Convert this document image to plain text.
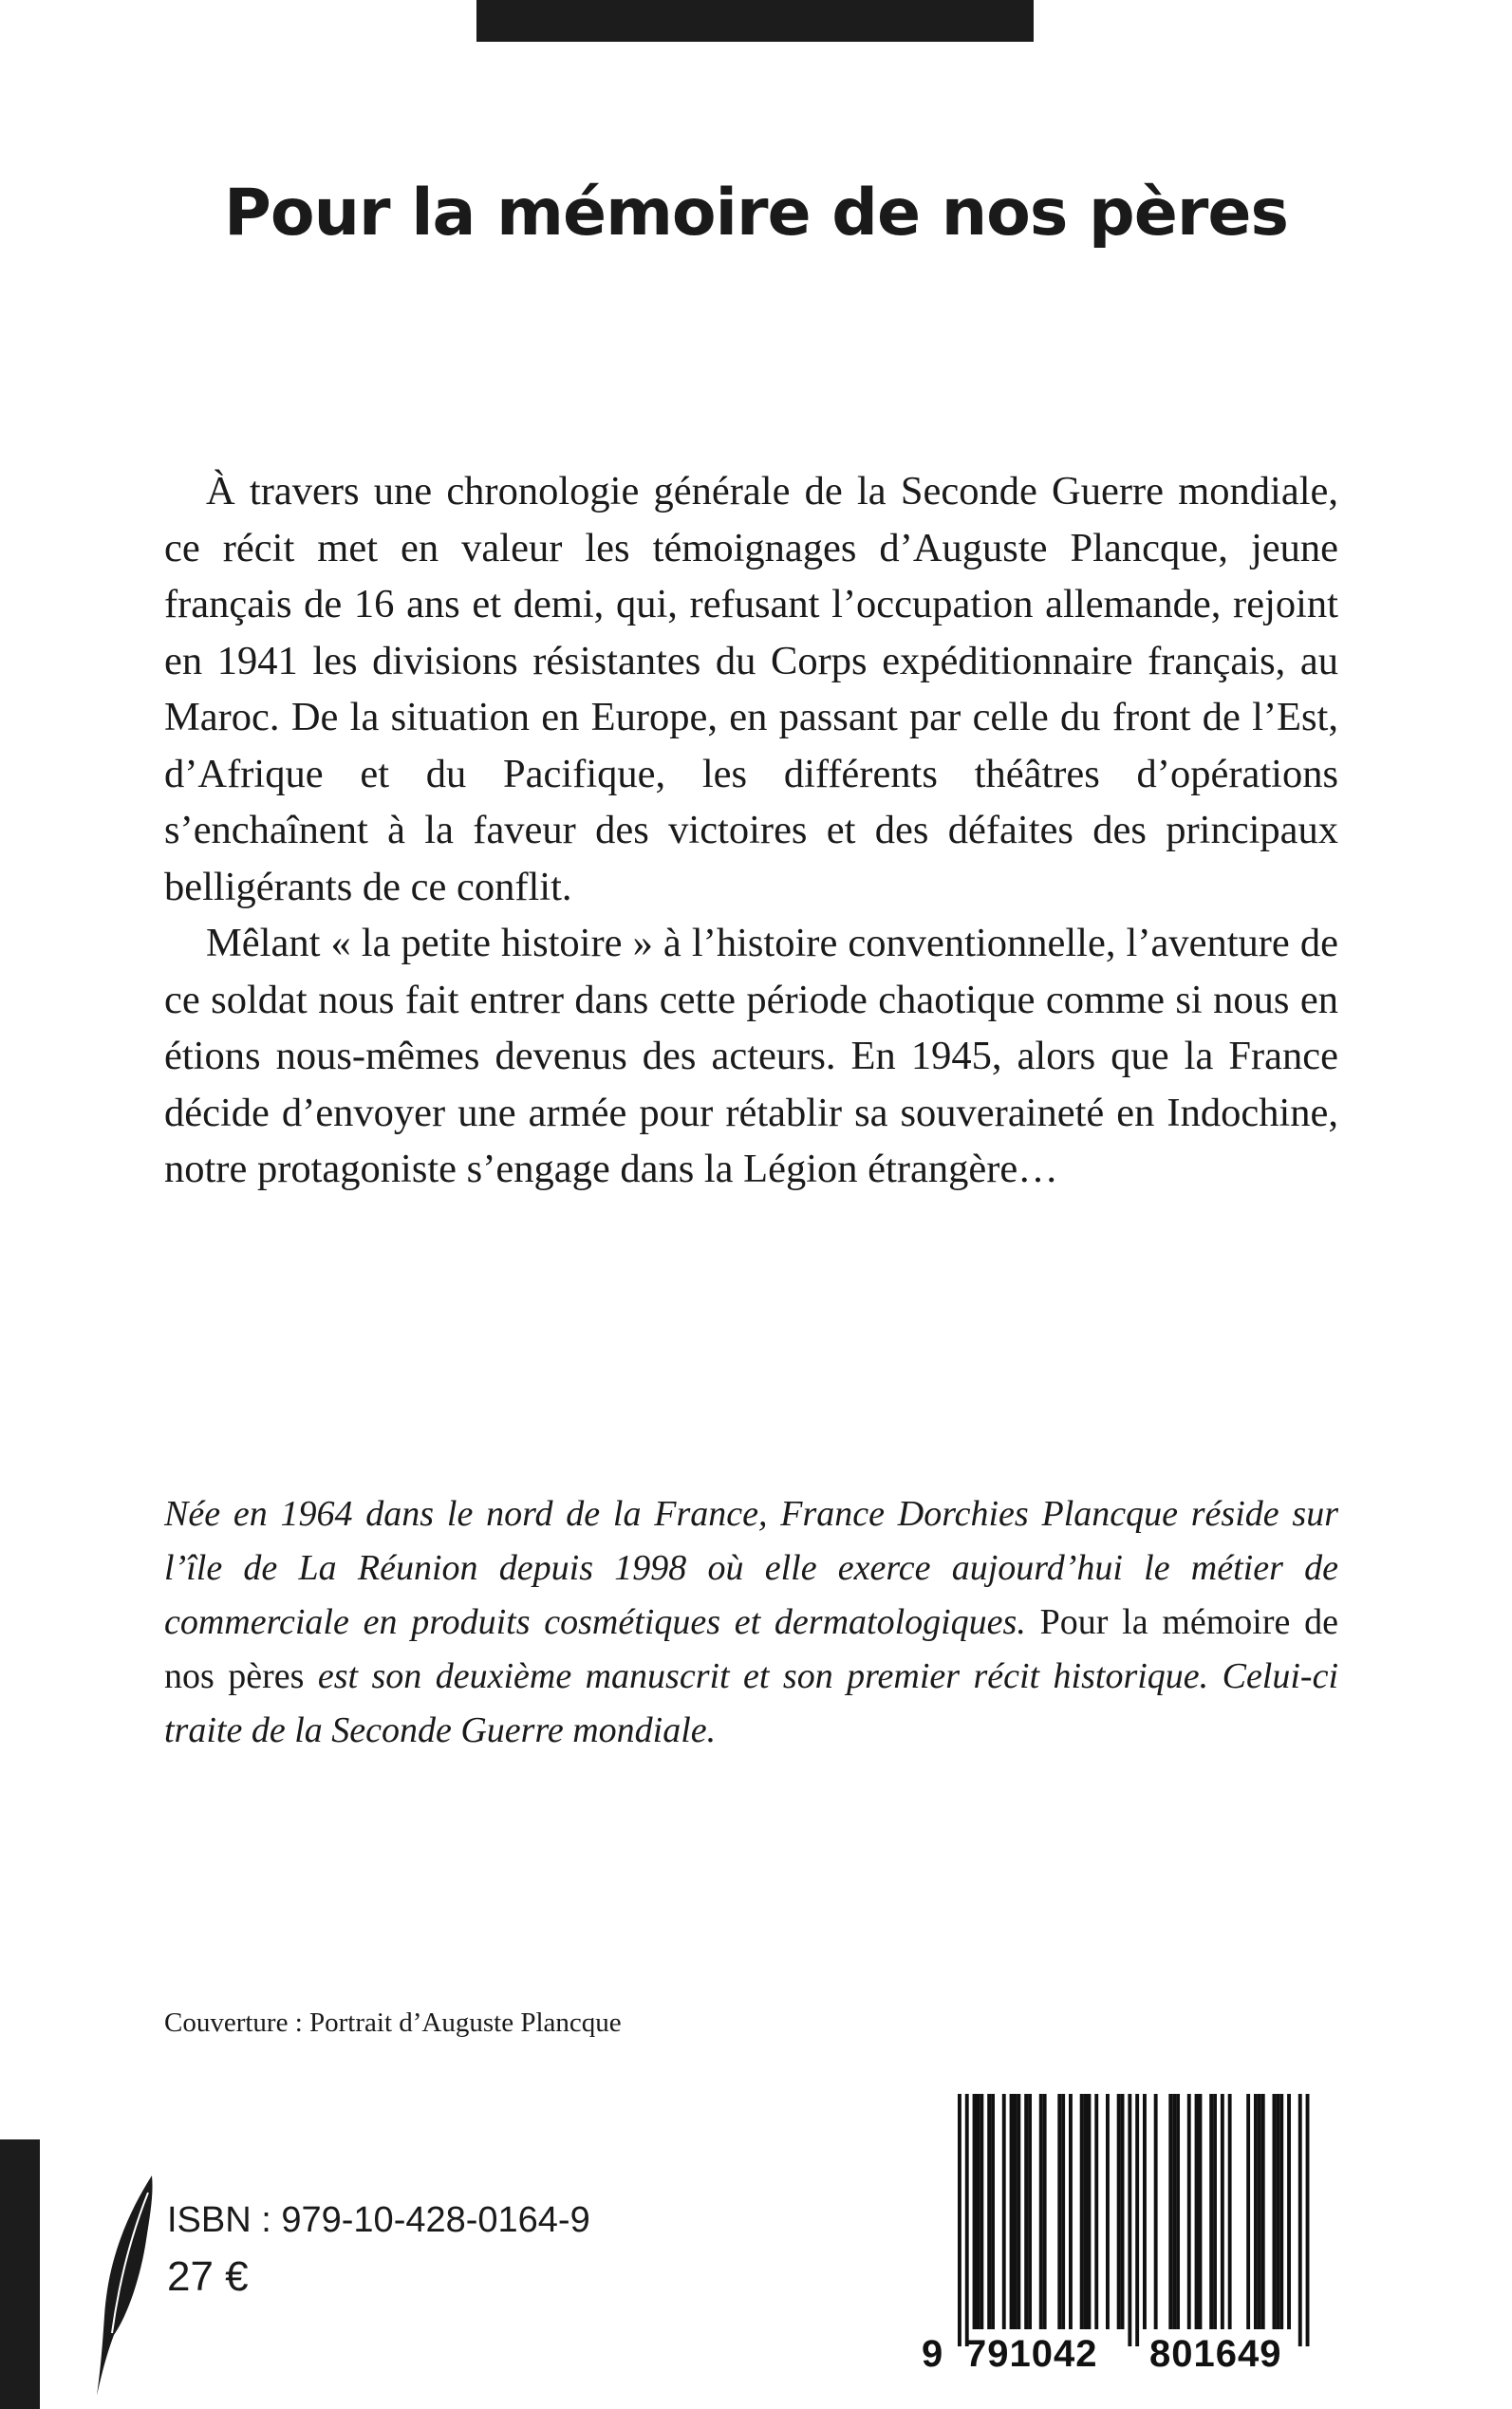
Pour la mémoire de nos pères

À travers une chronologie générale de la Seconde Guerre mondiale, ce récit met en valeur les témoignages d’Auguste Plancque, jeune français de 16 ans et demi, qui, refusant l’occupation allemande, rejoint en 1941 les divisions résistantes du Corps expéditionnaire français, au Maroc. De la situation en Europe, en passant par celle du front de l’Est, d’Afrique et du Pacifique, les différents théâtres d’opérations s’enchaînent à la faveur des victoires et des défaites des principaux belligérants de ce conflit.

Mêlant « la petite histoire » à l’histoire conventionnelle, l’aventure de ce soldat nous fait entrer dans cette période chaotique comme si nous en étions nous-mêmes devenus des acteurs. En 1945, alors que la France décide d’envoyer une armée pour rétablir sa souveraineté en Indochine, notre protagoniste s’engage dans la Légion étrangère…

Née en 1964 dans le nord de la France, France Dorchies Plancque réside sur l’île de La Réunion depuis 1998 où elle exerce aujourd’hui le métier de commerciale en produits cosmétiques et dermatologiques. Pour la mémoire de nos pères est son deuxième manuscrit et son premier récit historique. Celui-ci traite de la Seconde Guerre mondiale.

Couverture : Portrait d’Auguste Plancque
ISBN : 979-10-428-0164-9
27 €
9 791042 801649
